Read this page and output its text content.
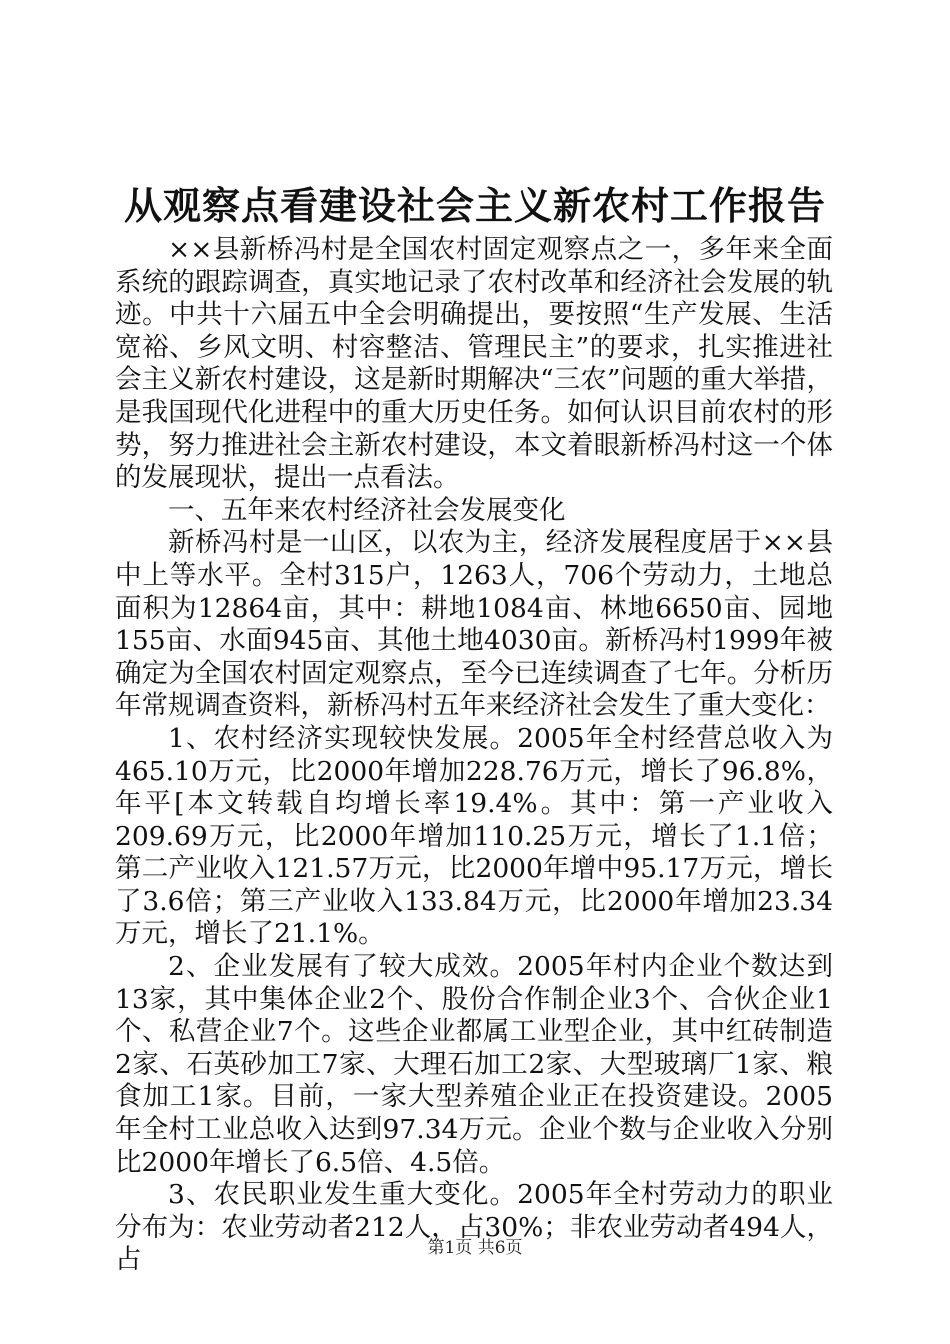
从观察点看建设社会主义新农村工作报告

××县新桥冯村是全国农村固定观察点之一，多年来全面系统的跟踪调查，真实地记录了农村改革和经济社会发展的轨迹。中共十六届五中全会明确提出，要按照“生产发展、生活宽裕、乡风文明、村容整洁、管理民主”的要求，扎实推进社会主义新农村建设，这是新时期解决“三农”问题的重大举措，是我国现代化进程中的重大历史任务。如何认识目前农村的形势，努力推进社会主新农村建设，本文着眼新桥冯村这一个体的发展现状，提出一点看法。

一、五年来农村经济社会发展变化

新桥冯村是一山区，以农为主，经济发展程度居于××县中上等水平。全村315户，1263人，706个劳动力，土地总面积为12864亩，其中：耕地1084亩、林地6650亩、园地155亩、水面945亩、其他土地4030亩。新桥冯村1999年被确定为全国农村固定观察点，至今已连续调查了七年。分析历年常规调查资料，新桥冯村五年来经济社会发生了重大变化：

1、农村经济实现较快发展。2005年全村经营总收入为465.10万元，比2000年增加228.76万元，增长了96.8%，年平[本文转载自均增长率19.4%。其中：第一产业收入209.69万元，比2000年增加110.25万元，增长了1.1倍；第二产业收入121.57万元，比2000年增中95.17万元，增长了3.6倍；第三产业收入133.84万元，比2000年增加23.34万元，增长了21.1%。

2、企业发展有了较大成效。2005年村内企业个数达到13家，其中集体企业2个、股份合作制企业3个、合伙企业1个、私营企业7个。这些企业都属工业型企业，其中红砖制造2家、石英砂加工7家、大理石加工2家、大型玻璃厂1家、粮食加工1家。目前，一家大型养殖企业正在投资建设。2005年全村工业总收入达到97.34万元。企业个数与企业收入分别比2000年增长了6.5倍、4.5倍。

3、农民职业发生重大变化。2005年全村劳动力的职业分布为：农业劳动者212人，占30%；非农业劳动者494人，占	第1页 共6页
